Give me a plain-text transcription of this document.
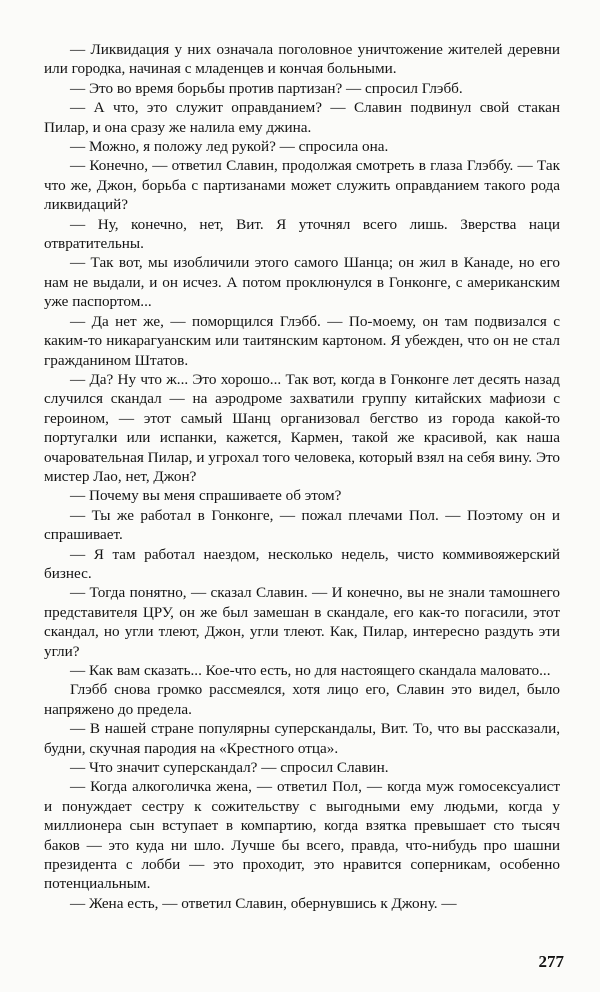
— Ликвидация у них означала поголовное уничтожение жителей деревни или городка, начиная с младенцев и кончая больными.

— Это во время борьбы против партизан? — спросил Глэбб.

— А что, это служит оправданием? — Славин подвинул свой стакан Пилар, и она сразу же налила ему джина.

— Можно, я положу лед рукой? — спросила она.

— Конечно, — ответил Славин, продолжая смотреть в глаза Глэббу. — Так что же, Джон, борьба с партизанами может служить оправданием такого рода ликвидаций?

— Ну, конечно, нет, Вит. Я уточнял всего лишь. Зверства наци отвратительны.

— Так вот, мы изобличили этого самого Шанца; он жил в Канаде, но его нам не выдали, и он исчез. А потом проклюнулся в Гонконге, с американским уже паспортом...

— Да нет же, — поморщился Глэбб. — По-моему, он там подвизался с каким-то никарагуанским или таитянским картоном. Я убежден, что он не стал гражданином Штатов.

— Да? Ну что ж... Это хорошо... Так вот, когда в Гонконге лет десять назад случился скандал — на аэродроме захватили группу китайских мафиози с героином, — этот самый Шанц организовал бегство из города какой-то португалки или испанки, кажется, Кармен, такой же красивой, как наша очаровательная Пилар, и угрохал того человека, который взял на себя вину. Это мистер Лао, нет, Джон?

— Почему вы меня спрашиваете об этом?

— Ты же работал в Гонконге, — пожал плечами Пол. — Поэтому он и спрашивает.

— Я там работал наездом, несколько недель, чисто коммивояжерский бизнес.

— Тогда понятно, — сказал Славин. — И конечно, вы не знали тамошнего представителя ЦРУ, он же был замешан в скандале, его как-то погасили, этот скандал, но угли тлеют, Джон, угли тлеют. Как, Пилар, интересно раздуть эти угли?

— Как вам сказать... Кое-что есть, но для настоящего скандала маловато...

Глэбб снова громко рассмеялся, хотя лицо его, Славин это видел, было напряжено до предела.

— В нашей стране популярны суперскандалы, Вит. То, что вы рассказали, будни, скучная пародия на «Крестного отца».

— Что значит суперскандал? — спросил Славин.

— Когда алкоголичка жена, — ответил Пол, — когда муж гомосексуалист и понуждает сестру к сожительству с выгодными ему людьми, когда у миллионера сын вступает в компартию, когда взятка превышает сто тысяч баков — это куда ни шло. Лучше бы всего, правда, что-нибудь про шашни президента с лобби — это проходит, это нравится соперникам, особенно потенциальным.

— Жена есть, — ответил Славин, обернувшись к Джону. —

277
